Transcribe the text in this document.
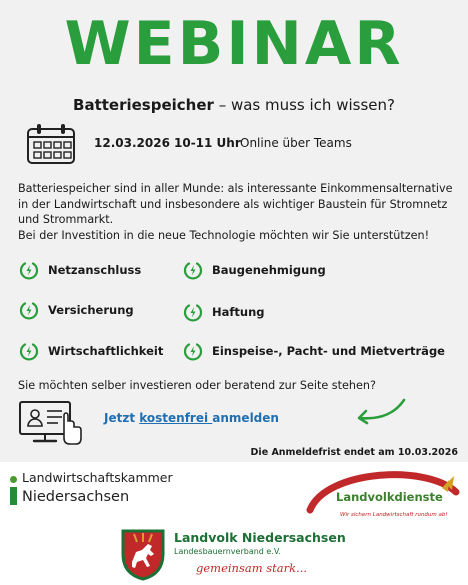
WEBINAR
Batteriespeicher – was muss ich wissen?
12.03.2026 10-11 Uhr Online über Teams

Batteriespeicher sind in aller Munde: als interessante Einkommensalternative in der Landwirtschaft und insbesondere als wichtiger Baustein für Stromnetz und Strommarkt.

Bei der Investition in die neue Technologie möchten wir Sie unterstützen!

Netzanschluss	Baugenehmigung
Versicherung	Haftung
Wirtschaftlichkeit	Einspeise-, Pacht- und Mietverträge
Sie möchten selber investieren oder beratend zur Seite stehen?
Jetzt kostenfrei anmelden
Die Anmeldefrist endet am 10.03.2026
Landwirtschaftskammer
Niedersachsen	Landvolkdienste
Wir sichern Landwirtschaft rundum ab!
Landvolk Niedersachsen
Landesbauernverband e.V.
gemeinsam stark...
